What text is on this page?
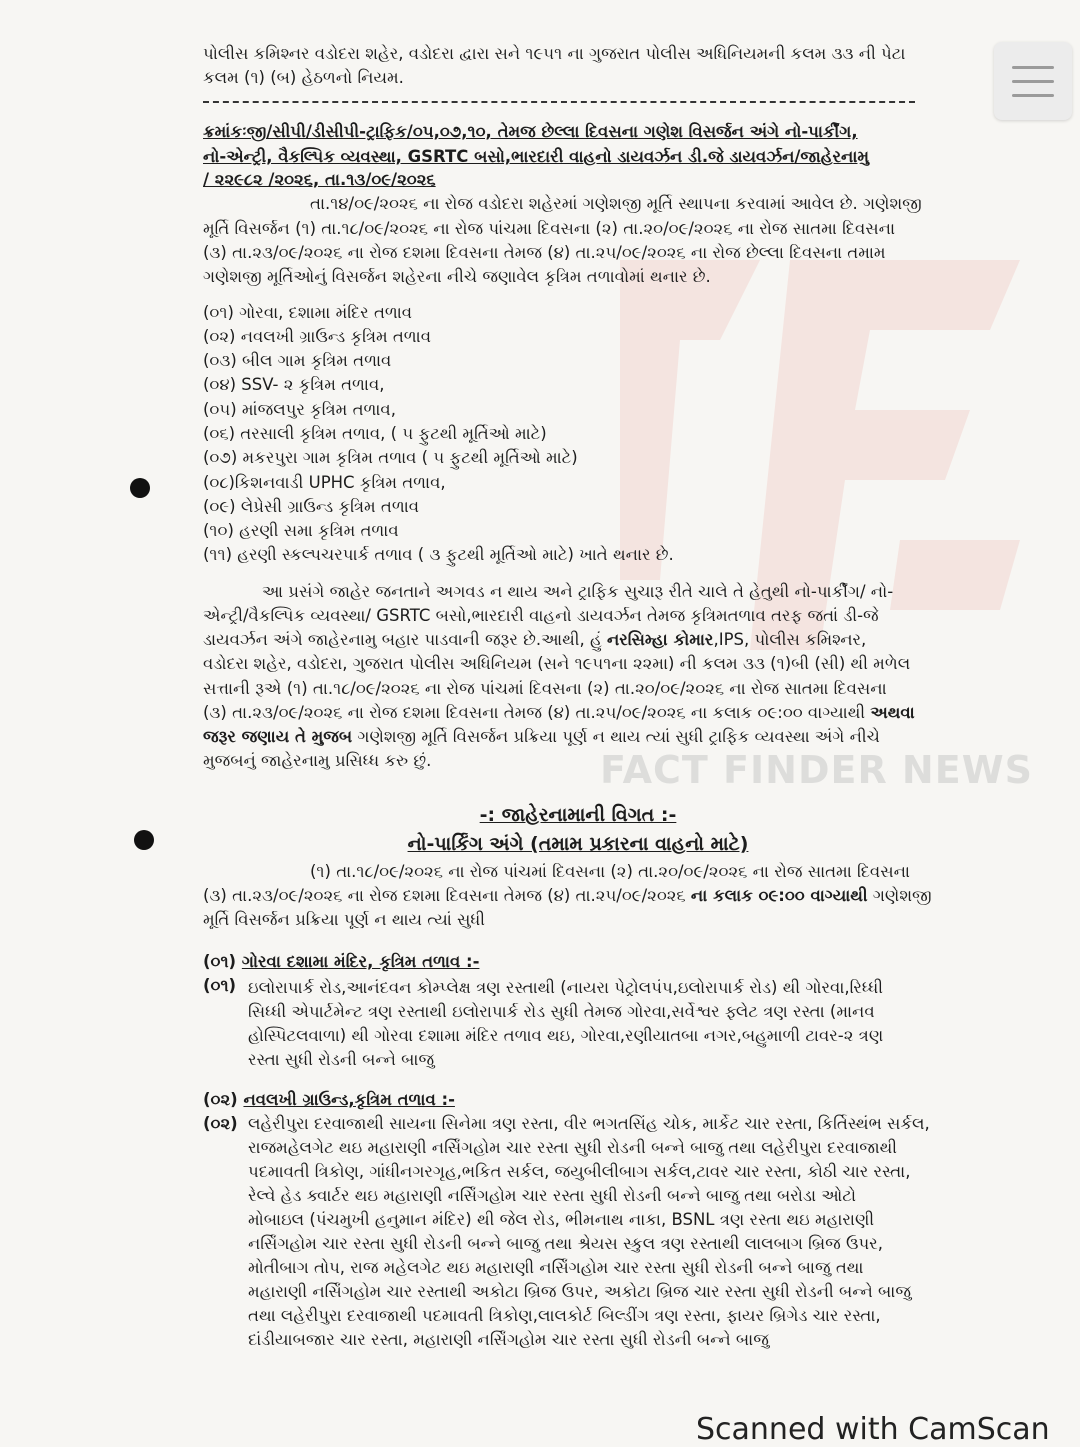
FACT FINDER NEWS
પોલીસ કમિશ્નર વડોદરા શહેર, વડોદરા દ્વારા સને ૧૯૫૧ ના ગુજરાત પોલીસ અધિનિયમની કલમ ૩૩ ની પેટા
કલમ (૧) (બ) હેઠળનો નિયમ.
ક્રમાંકઃજી/સીપી/ડીસીપી-ટ્રાફિક/૦૫,૦૭,૧૦, તેમજ છેલ્લા દિવસના ગણેશ વિસર્જન અંગે નો-પાર્કીંગ,
નો-એન્ટ્રી, વૈકલ્પિક વ્યવસ્થા, GSRTC બસો,ભારદારી વાહનો ડાયવર્ઝન ડી.જે ડાયવર્ઝન/જાહેરનામુ
/ ૨૨૯૮૨ /૨૦૨૬, તા.૧૩/૦૯/૨૦૨૬
તા.૧૪/૦૯/૨૦૨૬ ના રોજ વડોદરા શહેરમાં ગણેશજી મૂર્તિ સ્થાપના કરવામાં આવેલ છે. ગણેશજી
મૂર્તિ વિસર્જન (૧) તા.૧૮/૦૯/૨૦૨૬ ના રોજ પાંચમા દિવસના (૨) તા.૨૦/૦૯/૨૦૨૬ ના રોજ સાતમા દિવસના
(૩) તા.૨૩/૦૯/૨૦૨૬ ના રોજ દશમા દિવસના તેમજ (૪) તા.૨૫/૦૯/૨૦૨૬ ના રોજ છેલ્લા દિવસના તમામ
ગણેશજી મૂર્તિઓનું વિસર્જન શહેરના નીચે જણાવેલ કૃત્રિમ તળાવોમાં થનાર છે.
(૦૧) ગોરવા, દશામા મંદિર તળાવ
(૦૨) નવલખી ગ્રાઉન્ડ કૃત્રિમ તળાવ
(૦૩) બીલ ગામ કૃત્રિમ તળાવ
(૦૪) SSV- ૨ કૃત્રિમ તળાવ,
(૦૫) માંજલપુર કૃત્રિમ તળાવ,
(૦૬) તરસાલી કૃત્રિમ તળાવ, ( ૫ ફુટથી મૂર્તિઓ માટે)
(૦૭) મકરપુરા ગામ કૃત્રિમ તળાવ ( ૫ ફુટથી મૂર્તિઓ માટે)
(૦૮)કિશનવાડી UPHC કૃત્રિમ તળાવ,
(૦૯) લેપ્રેસી ગ્રાઉન્ડ કૃત્રિમ તળાવ
(૧૦) હરણી સમા કૃત્રિમ તળાવ
(૧૧) હરણી સ્કલ્પચરપાર્ક તળાવ ( ૩ ફુટથી મૂર્તિઓ માટે) ખાતે થનાર છે.
આ પ્રસંગે જાહેર જનતાને અગવડ ન થાય અને ટ્રાફિક સુચારૂ રીતે ચાલે તે હેતુથી નો-પાર્કીંગ/ નો-
એન્ટ્રી/વૈકલ્પિક વ્યવસ્થા/ GSRTC બસો,ભારદારી વાહનો ડાયવર્ઝન તેમજ કૃત્રિમતળાવ તરફ જતાં ડી-જે
ડાયવર્ઝન અંગે જાહેરનામુ બહાર પાડવાની જરૂર છે.આથી, હું નરસિમ્હા કોમાર,IPS, પોલીસ કમિશ્નર,
વડોદરા શહેર, વડોદરા, ગુજરાત પોલીસ અધિનિયમ (સને ૧૯૫૧ના ૨૨મા) ની કલમ ૩૩ (૧)બી (સી) થી મળેલ
સત્તાની રૂએ (૧) તા.૧૮/૦૯/૨૦૨૬ ના રોજ પાંચમાં દિવસના (૨) તા.૨૦/૦૯/૨૦૨૬ ના રોજ સાતમા દિવસના
(૩) તા.૨૩/૦૯/૨૦૨૬ ના રોજ દશમા દિવસના તેમજ (૪) તા.૨૫/૦૯/૨૦૨૬ ના કલાક ૦૯:૦૦ વાગ્યાથી અથવા
જરૂર જણાય તે મુજબ ગણેશજી મૂર્તિ વિસર્જન પ્રક્રિયા પૂર્ણ ન થાય ત્યાં સુધી ટ્રાફિક વ્યવસ્થા અંગે નીચે
મુજબનું જાહેરનામુ પ્રસિધ્ધ કરુ છું.
-: જાહેરનામાની વિગત :-
નો-પાર્કિંગ અંગે (તમામ પ્રકારના વાહનો માટે)
(૧) તા.૧૮/૦૯/૨૦૨૬ ના રોજ પાંચમાં દિવસના (૨) તા.૨૦/૦૯/૨૦૨૬ ના રોજ સાતમા દિવસના
(૩) તા.૨૩/૦૯/૨૦૨૬ ના રોજ દશમા દિવસના તેમજ (૪) તા.૨૫/૦૯/૨૦૨૬ ના કલાક ૦૯:૦૦ વાગ્યાથી ગણેશજી
મૂર્તિ વિસર્જન પ્રક્રિયા પૂર્ણ ન થાય ત્યાં સુધી
(૦૧) ગોરવા દશામા મંદિર, કૃત્રિમ તળાવ :-
(૦૧) ઇલોરાપાર્ક રોડ,આનંદવન કોમ્પ્લેક્ષ ત્રણ રસ્તાથી (નાયરા પેટ્રોલપંપ,ઇલોરાપાર્ક રોડ) થી ગોરવા,રિધ્ધી
સિધ્ધી એપાર્ટમેન્ટ ત્રણ રસ્તાથી ઇલોરાપાર્ક રોડ સુધી તેમજ ગોરવા,સર્વેશ્વર ફ્લેટ ત્રણ રસ્તા (માનવ
હોસ્પિટલવાળા) થી ગોરવા દશામા મંદિર તળાવ થઇ, ગોરવા,રણીયાતબા નગર,બહુમાળી ટાવર-૨ ત્રણ
રસ્તા સુધી રોડની બન્ને બાજુ
(૦૨) નવલખી ગ્રાઉન્ડ,કૃત્રિમ તળાવ :-
(૦૨) લહેરીપુરા દરવાજાથી સાયના સિનેમા ત્રણ રસ્તા, વીર ભગતસિંહ ચોક, માર્કેટ ચાર રસ્તા, કિર્તિસ્થંભ સર્કલ,
રાજમહેલગેટ થઇ મહારાણી નર્સિંગહોમ ચાર રસ્તા સુધી રોડની બન્ને બાજુ તથા લહેરીપુરા દરવાજાથી
પદમાવતી ત્રિકોણ, ગાંધીનગરગૃહ,ભકિત સર્કલ, જયુબીલીબાગ સર્કલ,ટાવર ચાર રસ્તા, કોઠી ચાર રસ્તા,
રેલ્વે હેડ ક્વાર્ટર થઇ મહારાણી નર્સિંગહોમ ચાર રસ્તા સુધી રોડની બન્ને બાજુ તથા બરોડા ઓટો
મોબાઇલ (પંચમુખી હનુમાન મંદિર) થી જેલ રોડ, ભીમનાથ નાકા, BSNL ત્રણ રસ્તા થઇ મહારાણી
નર્સિંગહોમ ચાર રસ્તા સુધી રોડની બન્ને બાજુ તથા શ્રેયસ સ્કુલ ત્રણ રસ્તાથી લાલબાગ બ્રિજ ઉપર,
મોતીબાગ તોપ, રાજ મહેલગેટ થઇ મહારાણી નર્સિંગહોમ ચાર રસ્તા સુધી રોડની બન્ને બાજુ તથા
મહારાણી નર્સિંગહોમ ચાર રસ્તાથી અકોટા બ્રિજ ઉપર, અકોટા બ્રિજ ચાર રસ્તા સુધી રોડની બન્ને બાજુ
તથા લહેરીપુરા દરવાજાથી પદમાવતી ત્રિકોણ,લાલકોર્ટ બિલ્ડીંગ ત્રણ રસ્તા, ફાયર બ્રિગેડ ચાર રસ્તા,
દાંડીયાબજાર ચાર રસ્તા, મહારાણી નર્સિંગહોમ ચાર રસ્તા સુધી રોડની બન્ને બાજુ
Scanned with CamScan
